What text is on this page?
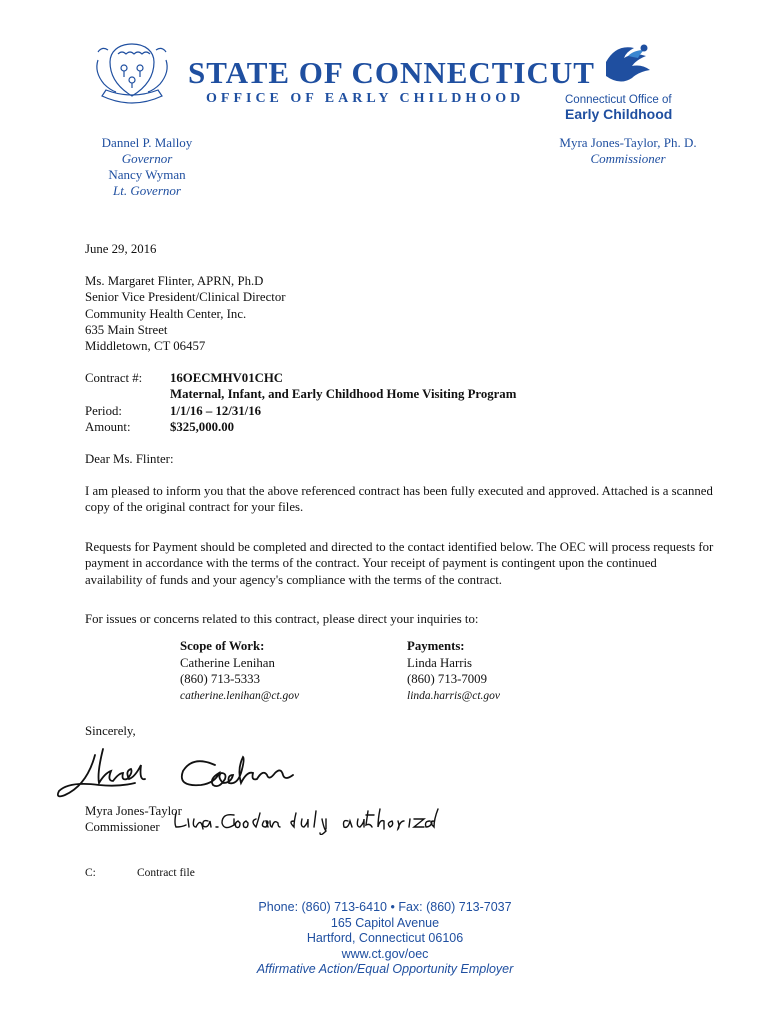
STATE OF CONNECTICUT
OFFICE OF EARLY CHILDHOOD	Connecticut Office of
Early Childhood
Dannel P. Malloy
Governor
Nancy Wyman
Lt. Governor
Myra Jones-Taylor, Ph. D.
Commissioner
June 29, 2016
Ms. Margaret Flinter, APRN, Ph.D
Senior Vice President/Clinical Director
Community Health Center, Inc.
635 Main Street
Middletown, CT 06457
Contract #: 16OECMHV01CHC
Maternal, Infant, and Early Childhood Home Visiting Program
Period:	1/1/16 – 12/31/16
Amount:	$325,000.00
Dear Ms. Flinter:
I am pleased to inform you that the above referenced contract has been fully executed and approved. Attached is a scanned copy of the original contract for your files.
Requests for Payment should be completed and directed to the contact identified below. The OEC will process requests for payment in accordance with the terms of the contract. Your receipt of payment is contingent upon the continued availability of funds and your agency's compliance with the terms of the contract.
For issues or concerns related to this contract, please direct your inquiries to:
Scope of Work:
Catherine Lenihan
(860) 713-5333
catherine.lenihan@ct.gov
Payments:
Linda Harris
(860) 713-7009
linda.harris@ct.gov
Sincerely,
Myra Jones-Taylor
Commissioner
C:	Contract file
Phone: (860) 713-6410 • Fax: (860) 713-7037
165 Capitol Avenue
Hartford, Connecticut 06106
www.ct.gov/oec
Affirmative Action/Equal Opportunity Employer
